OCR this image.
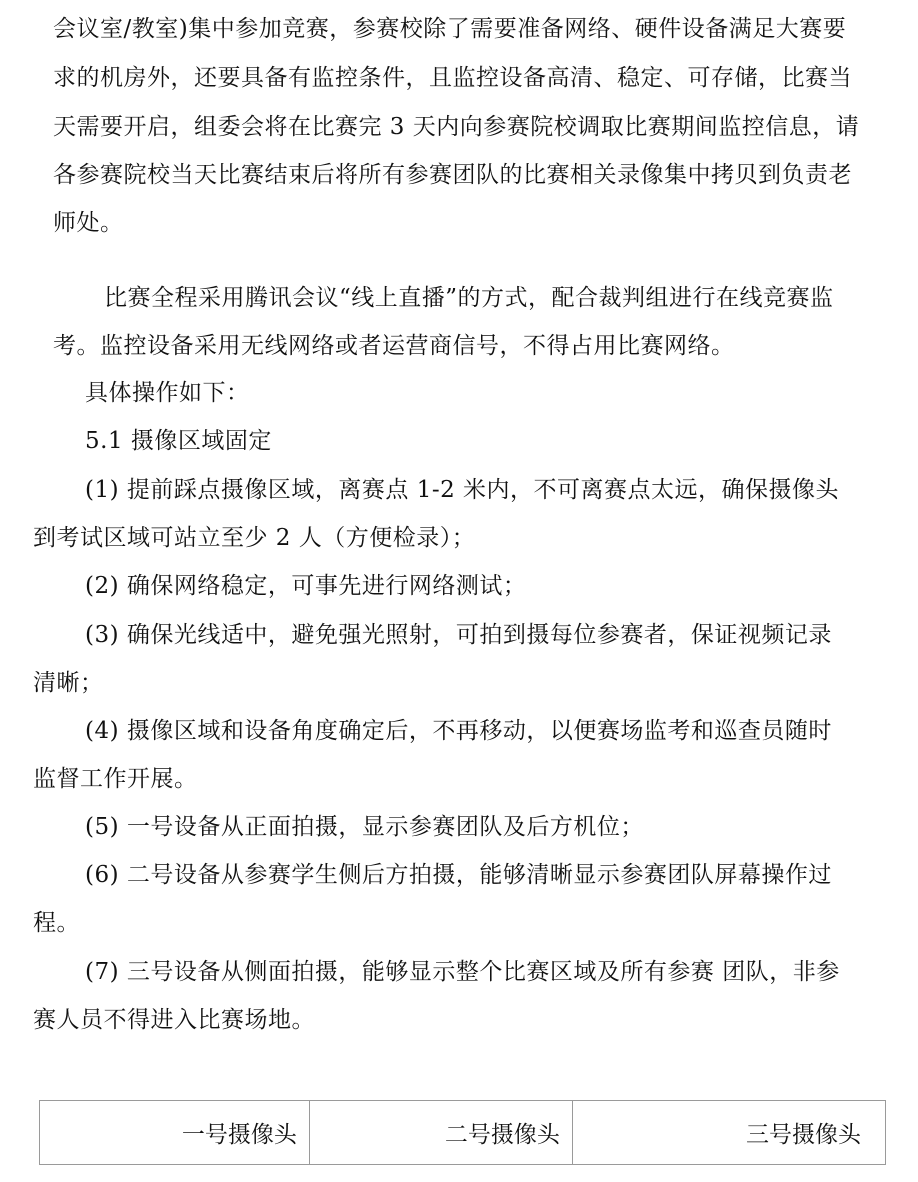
会议室/教室)集中参加竞赛，参赛校除了需要准备网络、硬件设备满足大赛要
求的机房外，还要具备有监控条件，且监控设备高清、稳定、可存储，比赛当
天需要开启，组委会将在比赛完 3 天内向参赛院校调取比赛期间监控信息，请
各参赛院校当天比赛结束后将所有参赛团队的比赛相关录像集中拷贝到负责老
师处。
比赛全程采用腾讯会议“线上直播”的方式，配合裁判组进行在线竞赛监
考。监控设备采用无线网络或者运营商信号，不得占用比赛网络。
具体操作如下：
5.1 摄像区域固定
(1) 提前踩点摄像区域，离赛点 1-2 米内，不可离赛点太远，确保摄像头
到考试区域可站立至少 2 人（方便检录）；
(2) 确保网络稳定，可事先进行网络测试；
(3) 确保光线适中，避免强光照射，可拍到摄每位参赛者，保证视频记录
清晰；
(4) 摄像区域和设备角度确定后，不再移动，以便赛场监考和巡查员随时
监督工作开展。
(5) 一号设备从正面拍摄，显示参赛团队及后方机位；
(6) 二号设备从参赛学生侧后方拍摄，能够清晰显示参赛团队屏幕操作过
程。
(7) 三号设备从侧面拍摄，能够显示整个比赛区域及所有参赛 团队，非参
赛人员不得进入比赛场地。
一号摄像头	二号摄像头	三号摄像头
